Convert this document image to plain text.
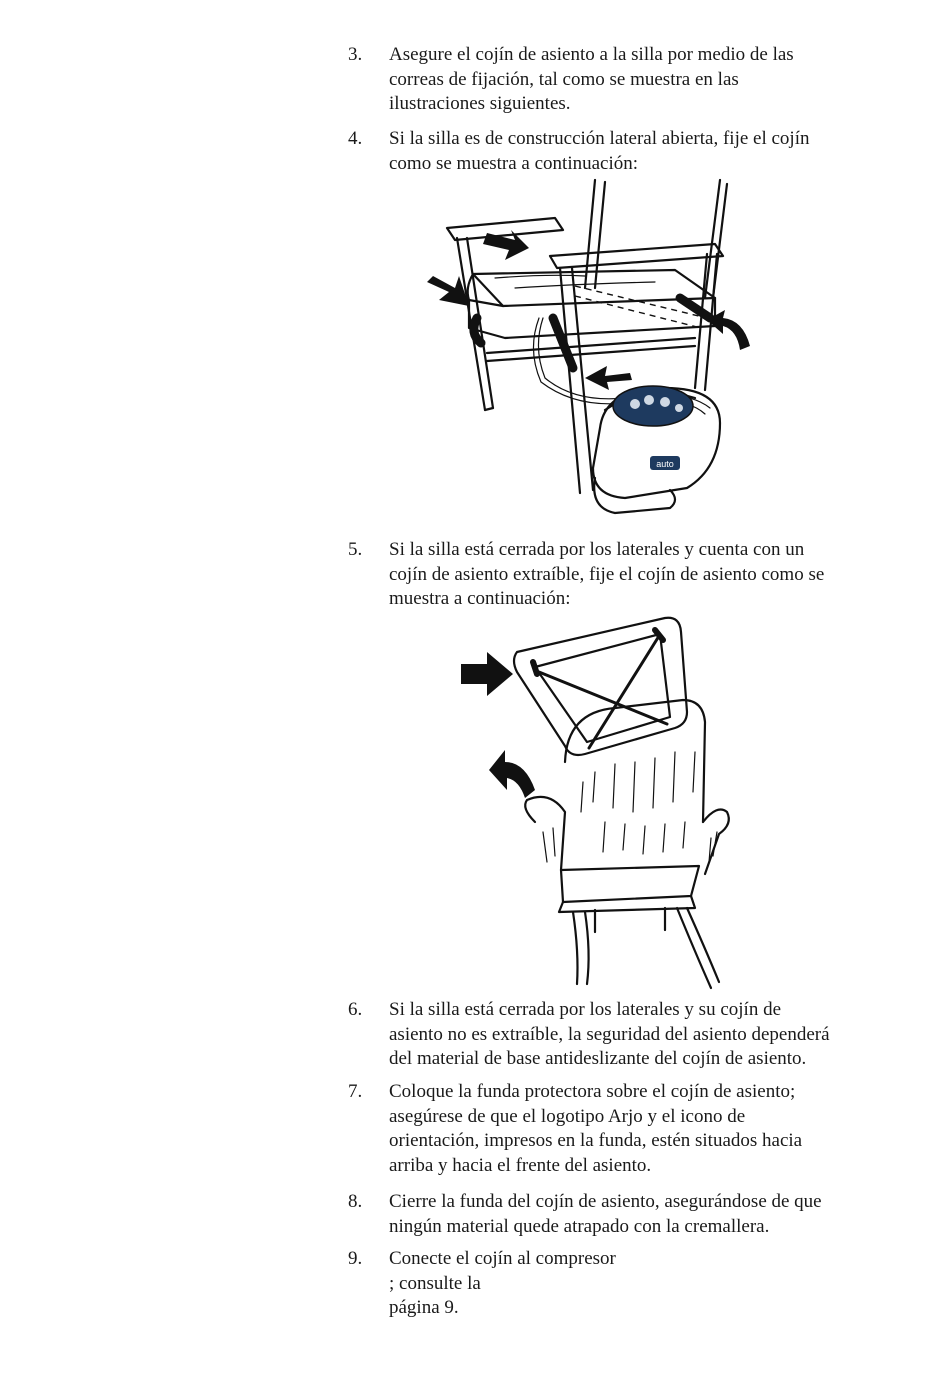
3.	Asegure el cojín de asiento a la silla por medio de las
correas de fijación, tal como se muestra en las
ilustraciones siguientes.
4.	Si la silla es de construcción lateral abierta, fije el cojín
como se muestra a continuación:
auto
5.	Si la silla está cerrada por los laterales y cuenta con un
cojín de asiento extraíble, fije el cojín de asiento como se
muestra a continuación:
6.	Si la silla está cerrada por los laterales y su cojín de
asiento no es extraíble, la seguridad del asiento dependerá
del material de base antideslizante del cojín de asiento.
7.	Coloque la funda protectora sobre el cojín de asiento;
asegúrese de que el logotipo Arjo y el icono de
orientación, impresos en la funda, estén situados hacia
arriba y hacia el frente del asiento.
8.	Cierre la funda del cojín de asiento, asegurándose de que
ningún material quede atrapado con la cremallera.
9.	Conecte el cojín al compresor
; consulte la
página 9.
